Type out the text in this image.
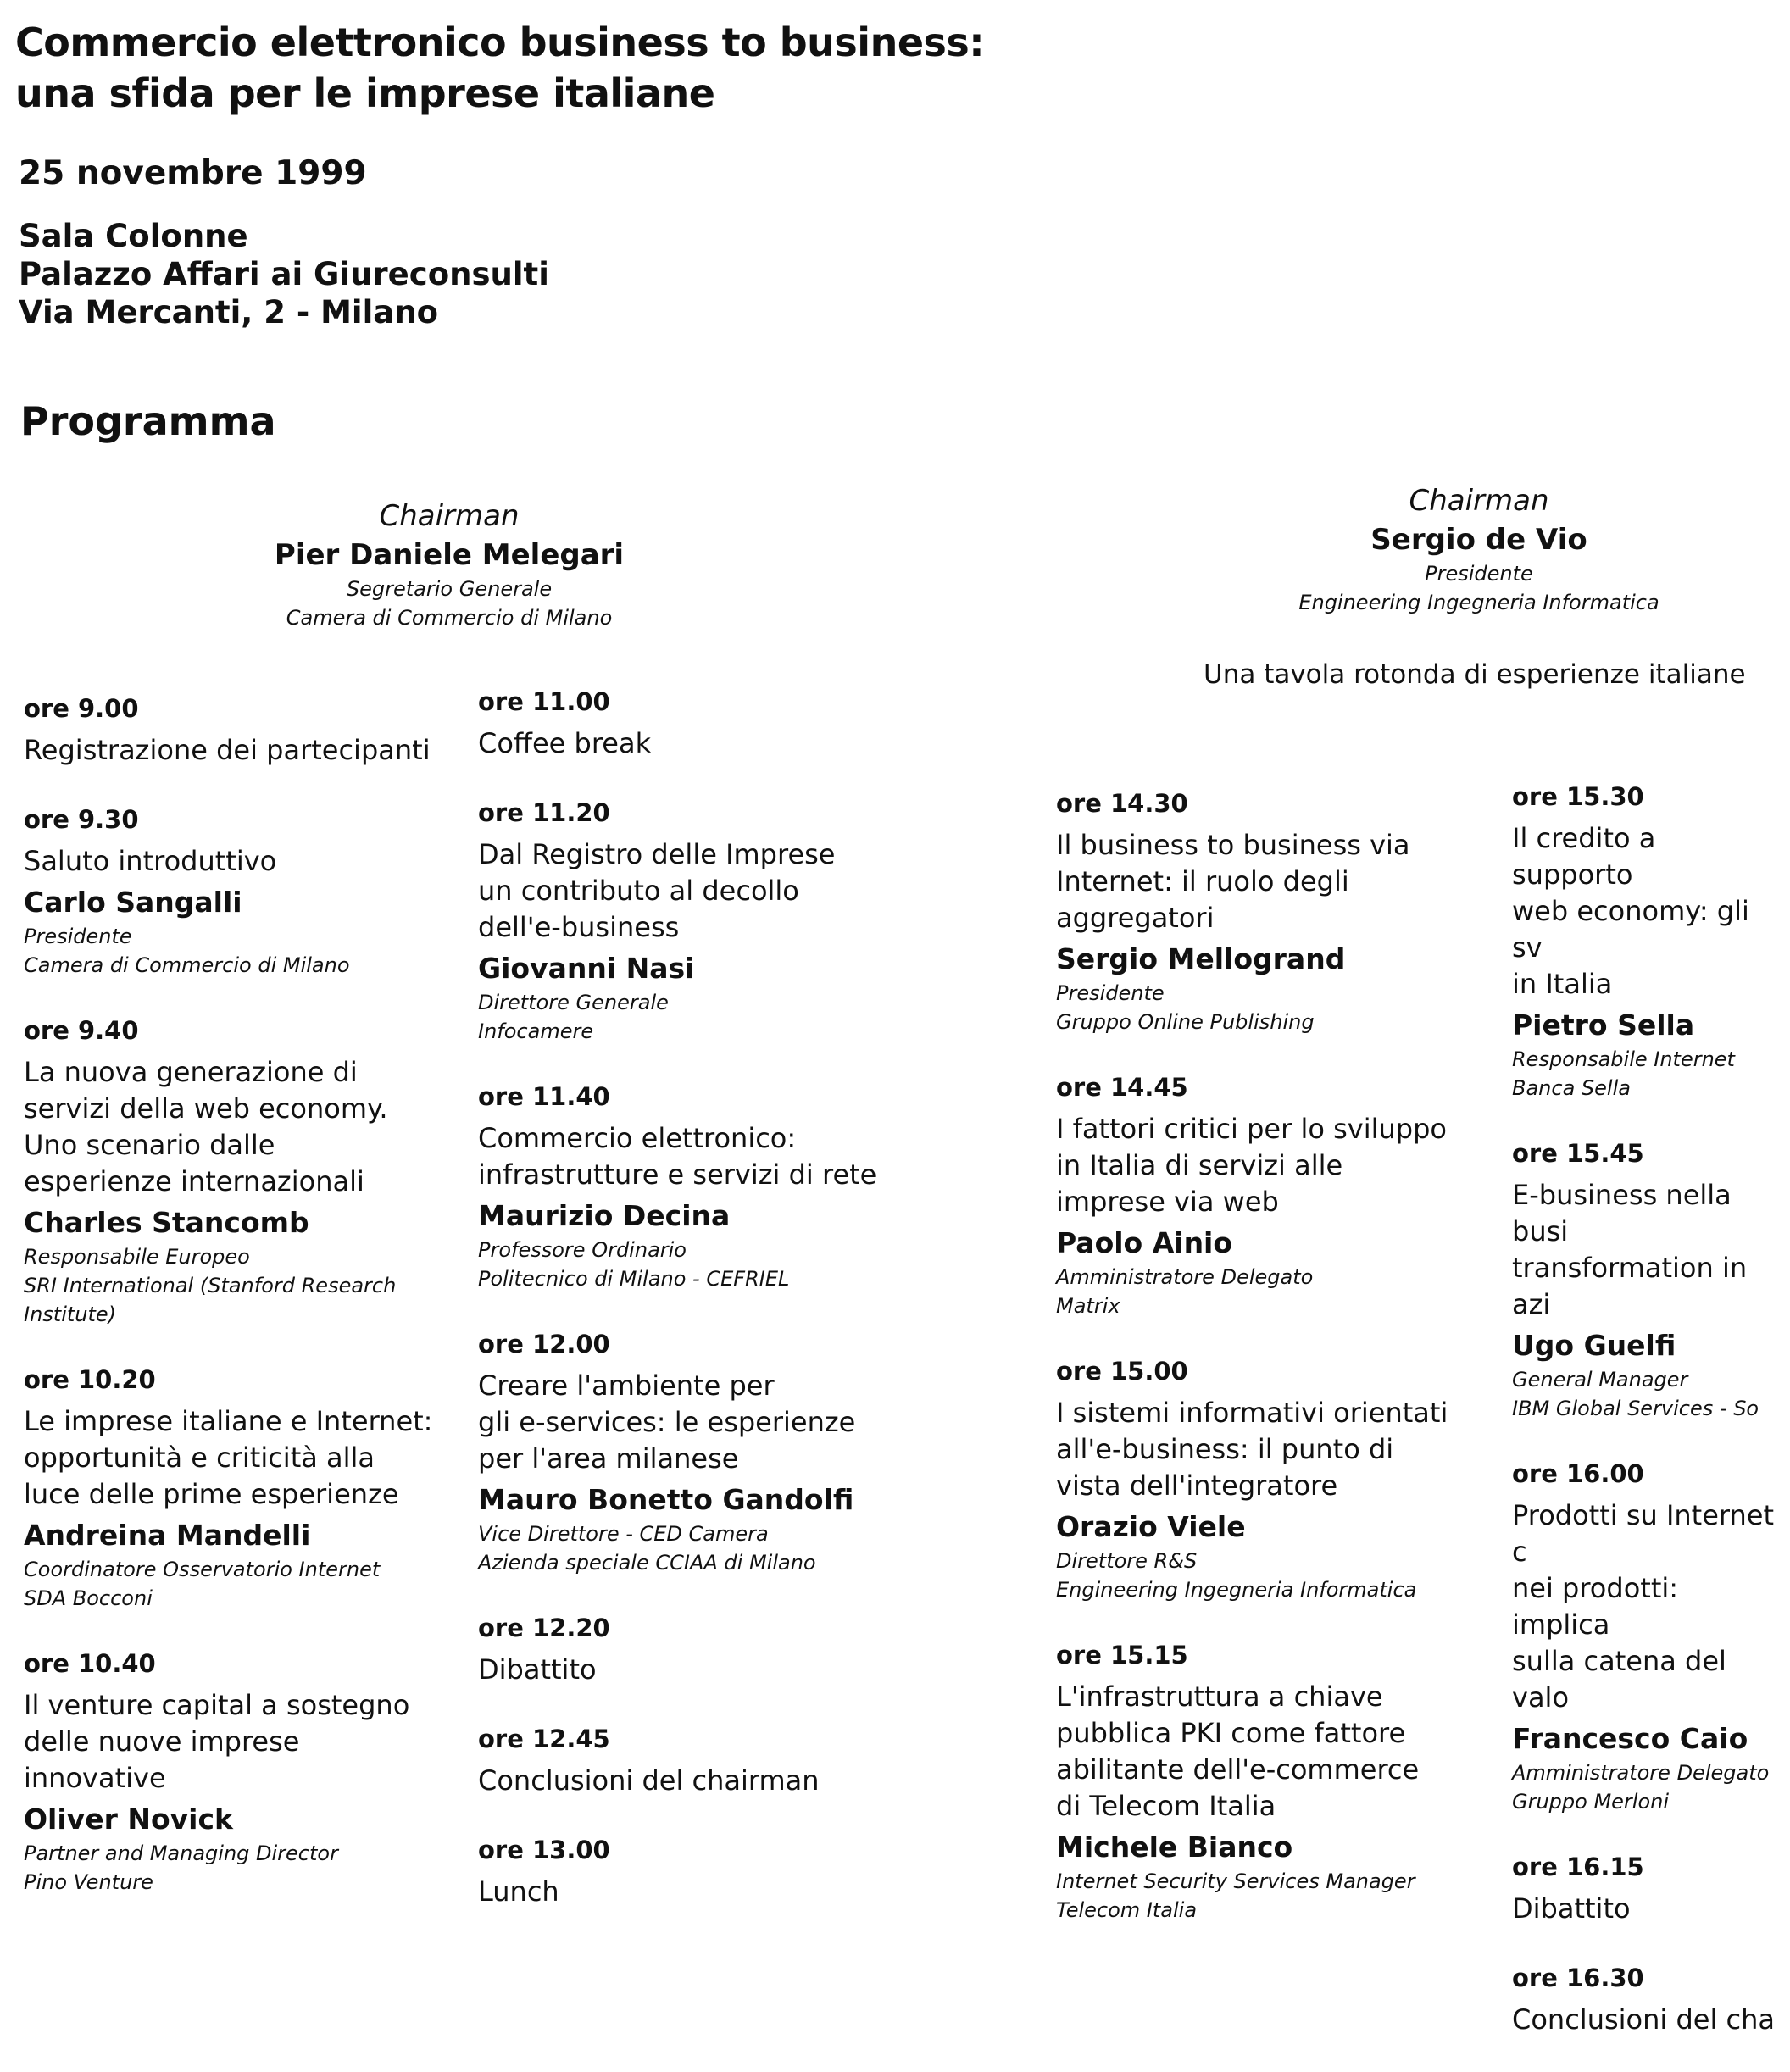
Commercio elettronico business to business:
una sfida per le imprese italiane
25 novembre 1999
Sala Colonne
Palazzo Affari ai Giureconsulti
Via Mercanti, 2 - Milano
Programma
Chairman
Pier Daniele Melegari
Segretario Generale
Camera di Commercio di Milano
Chairman
Sergio de Vio
Presidente
Engineering Ingegneria Informatica
Una tavola rotonda di esperienze italiane
ore 9.00
Registrazione dei partecipanti
ore 9.30
Saluto introduttivo
Carlo Sangalli
Presidente
Camera di Commercio di Milano
ore 9.40
La nuova generazione di
servizi della web economy.
Uno scenario dalle
esperienze internazionali
Charles Stancomb
Responsabile Europeo
SRI International (Stanford Research
Institute)
ore 10.20
Le imprese italiane e Internet:
opportunità e criticità alla
luce delle prime esperienze
Andreina Mandelli
Coordinatore Osservatorio Internet
SDA Bocconi
ore 10.40
Il venture capital a sostegno
delle nuove imprese
innovative
Oliver Novick
Partner and Managing Director
Pino Venture
ore 11.00
Coffee break
ore 11.20
Dal Registro delle Imprese
un contributo al decollo
dell'e-business
Giovanni Nasi
Direttore Generale
Infocamere
ore 11.40
Commercio elettronico:
infrastrutture e servizi di rete
Maurizio Decina
Professore Ordinario
Politecnico di Milano - CEFRIEL
ore 12.00
Creare l'ambiente per
gli e-services: le esperienze
per l'area milanese
Mauro Bonetto Gandolfi
Vice Direttore - CED Camera
Azienda speciale CCIAA di Milano
ore 12.20
Dibattito
ore 12.45
Conclusioni del chairman
ore 13.00
Lunch
ore 14.30
Il business to business via
Internet: il ruolo degli
aggregatori
Sergio Mellogrand
Presidente
Gruppo Online Publishing
ore 14.45
I fattori critici per lo sviluppo
in Italia di servizi alle
imprese via web
Paolo Ainio
Amministratore Delegato
Matrix
ore 15.00
I sistemi informativi orientati
all'e-business: il punto di
vista dell'integratore
Orazio Viele
Direttore R&S
Engineering Ingegneria Informatica
ore 15.15
L'infrastruttura a chiave
pubblica PKI come fattore
abilitante dell'e-commerce
di Telecom Italia
Michele Bianco
Internet Security Services Manager
Telecom Italia
ore 15.30
Il credito a supporto
web economy: gli sv
in Italia
Pietro Sella
Responsabile Internet
Banca Sella
ore 15.45
E-business nella busi
transformation in azi
Ugo Guelfi
General Manager
IBM Global Services - So
ore 16.00
Prodotti su Internet c
nei prodotti: implica
sulla catena del valo
Francesco Caio
Amministratore Delegato
Gruppo Merloni
ore 16.15
Dibattito
ore 16.30
Conclusioni del cha
